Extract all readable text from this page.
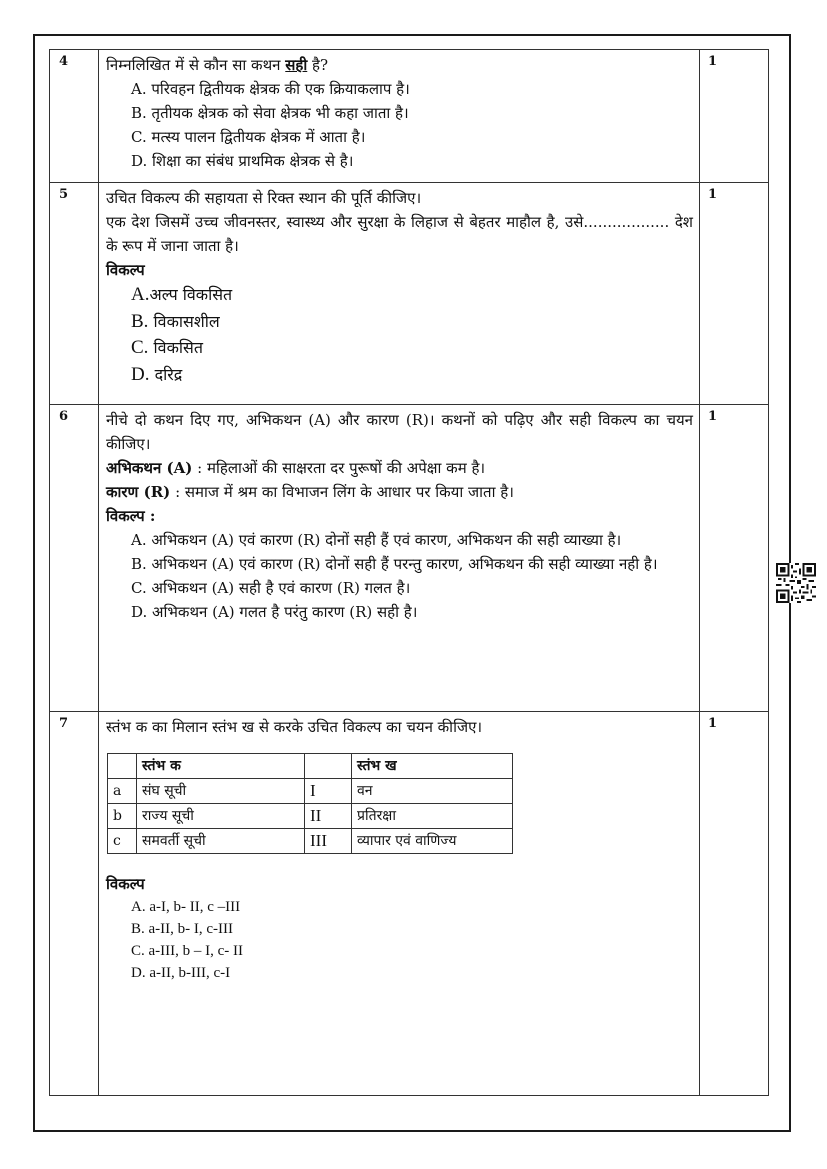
4	निम्नलिखित में से कौन सा कथन सही है?
A. परिवहन द्वितीयक क्षेत्रक की एक क्रियाकलाप है।
B. तृतीयक क्षेत्रक को सेवा क्षेत्रक भी कहा जाता है।
C. मत्स्य पालन द्वितीयक क्षेत्रक में आता है।
D. शिक्षा का संबंध प्राथमिक क्षेत्रक से है।
	1
5	उचित विकल्प की सहायता से रिक्त स्थान की पूर्ति कीजिए।
एक देश जिसमें उच्च जीवनस्तर, स्वास्थ्य और सुरक्षा के लिहाज से बेहतर माहौल है, उसे.................. देश के रूप में जाना जाता है।
विकल्प
A.अल्प विकसित
B. विकासशील
C. विकसित
D. दरिद्र
	1
6	नीचे दो कथन दिए गए, अभिकथन (A) और कारण (R)। कथनों को पढ़िए और सही विकल्प का चयन कीजिए।
अभिकथन (A) : महिलाओं की साक्षरता दर पुरूषों की अपेक्षा कम है।
कारण (R) : समाज में श्रम का विभाजन लिंग के आधार पर किया जाता है।
विकल्प :
A. अभिकथन (A) एवं कारण (R) दोनों सही हैं एवं कारण, अभिकथन की सही व्याख्या है।
B. अभिकथन (A) एवं कारण (R) दोनों सही हैं परन्तु कारण, अभिकथन की सही व्याख्या नही है।
C. अभिकथन (A) सही है एवं कारण (R) गलत है।
D. अभिकथन (A) गलत है परंतु कारण (R) सही है।
	1
7	स्तंभ क का मिलान स्तंभ ख से करके उचित विकल्प का चयन कीजिए।
	स्तंभ क		स्तंभ ख
a	संघ सूची	I	वन
b	राज्य सूची	II	प्रतिरक्षा
c	समवर्ती सूची	III	व्यापार एवं वाणिज्य
विकल्प
A. a-I, b- II, c –III
B. a-II, b- I, c-III
C. a-III, b – I, c- II
D. a-II, b-III, c-I
	1
